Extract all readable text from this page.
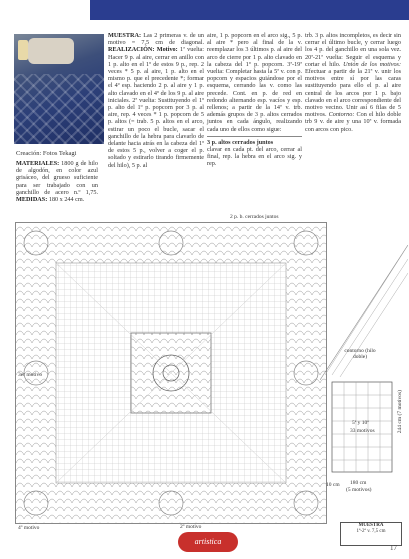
Creación: Fotos Tekagi
MATERIALES: 1800 g de hilo de algodón, en color azul grisáceo, del grueso suficiente para ser trabajado con un ganchillo de acero n.º 1,75. MEDIDAS: 180 x 244 cm.
MUESTRA: Las 2 primeras v. de un motivo = 7,5 cm de diagonal. REALIZACIÓN: Motivo: 1ª vuelta: Hacer 9 p. al aire, cerrar en anillo con 1 p. alto en el 1º de estos 9 p., rep. 2 veces * 5 p. al aire, 1 p. alto en el mismo p. que el precedente *; formar el 4º esp. haciendo 2 p. al aire y 1 p. alto clavado en el 4º de los 9 p. al aire iniciales. 2ª vuelta: Sustituyendo el 1º p. alto del 1º p. popcorn por 3 p. al aire, rep. 4 veces * 1 p. popcorn de 5 p. altos (= trab. 5 p. altos en el arco, estirar un poco el bucle, sacar el ganchillo de la hebra para clavarlo de delante hacia atrás en la cabeza del 1º de estos 5 p., volver a coger el p. soltado y estirarlo tirando firmemente del hilo), 5 p. al
aire, 1 p. popcorn en el arco sig., 5 p. al aire * pero al final de la v. reemplazar los 3 últimos p. al aire del arco de cierre por 1 p. alto clavado en la cabeza del 1º p. popcorn. 3ª-19ª vuelta: Completar hasta la 5ª v. con p. popcorn y espacios guiándose por el esquema, cerrando las v. como las precede. Cont. en p. de red en redondo alternando esp. vacíos y esp. rellenos; a partir de la 14ª v. trb. además grupos de 3 p. altos cerrados juntos en cada ángulo, realizando cada uno de ellos como sigue:
3 p. altos cerrados juntos
clavar en cada pt. del arco, cerrar al final, rep. la hebra en el arco sig. y rep.
trb. 3 p. altos incompletos, es decir sin cerrar el último bucle, y cerrar luego los 4 p. del ganchillo en una sola vez. 20ª-21ª vuelta: Seguir el esquema y cortar el hilo. Unión de los motivos: Efectuar a partir de la 21ª v. unir los motivos entre sí por las caras sustituyendo para ello el p. al aire central de los arcos por 1 p. bajo clavado en el arco correspondiente del motivo vecino. Unir así 6 filas de 5 motivos. Contorno: Con el hilo doble trb 9 v. de aire y una 10ª v. formada con arcos con pico.
3er motivo
4º motivo	2º motivo
2 p. b. cerrados juntos
contorno (hilo doble)
5ª y 10ª
33 motivos
180 cm
(5 motivos)
244 cm (7 motivos)
10 cm
MUESTRA
1ª-2ª v. 7,5 cm
artistica
17
